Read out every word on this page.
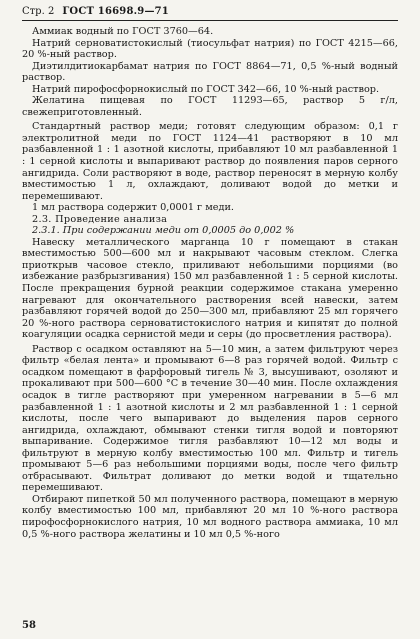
Стр. 2 ГОСТ 16698.9—71

Аммиак водный по ГОСТ 3760—64.

Натрий серноватистокислый (тиосульфат натрия) по ГОСТ 4215—66, 20 %-ный раствор.

Диэтилдитиокарбамат натрия по ГОСТ 8864—71, 0,5 %-ный водный раствор.

Натрий пирофосфорнокислый по ГОСТ 342—66, 10 %-ный раствор.

Желатина пищевая по ГОСТ 11293—65, раствор 5 г/л, свежеприготовленный.

Стандартный раствор меди; готовят следующим образом: 0,1 г электролитной меди по ГОСТ 1124—41 растворяют в 10 мл разбавленной 1 : 1 азотной кислоты, прибавляют 10 мл разбавленной 1 : 1 серной кислоты и выпаривают раствор до появления паров серного ангидрида. Соли растворяют в воде, раствор переносят в мерную колбу вместимостью 1 л, охлаждают, доливают водой до метки и перемешивают.

1 мл раствора содержит 0,0001 г меди.

2.3. Проведение анализа

2.3.1. При содержании меди от 0,0005 до 0,002 %

Навеску металлического марганца 10 г помещают в стакан вместимостью 500—600 мл и накрывают часовым стеклом. Слегка приоткрыв часовое стекло, приливают небольшими порциями (во избежание разбрызгивания) 150 мл разбавленной 1 : 5 серной кислоты. После прекращения бурной реакции содержимое стакана умеренно нагревают для окончательного растворения всей навески, затем разбавляют горячей водой до 250—300 мл, прибавляют 25 мл горячего 20 %-ного раствора серноватистокислого натрия и кипятят до полной коагуляции осадка сернистой меди и серы (до просветления раствора).

Раствор с осадком оставляют на 5—10 мин, а затем фильтруют через фильтр «белая лента» и промывают 6—8 раз горячей водой. Фильтр с осадком помещают в фарфоровый тигель № 3, высушивают, озоляют и прокаливают при 500—600 °С в течение 30—40 мин. После охлаждения осадок в тигле растворяют при умеренном нагревании в 5—6 мл разбавленной 1 : 1 азотной кислоты и 2 мл разбавленной 1 : 1 серной кислоты, после чего выпаривают до выделения паров серного ангидрида, охлаждают, обмывают стенки тигля водой и повторяют выпаривание. Содержимое тигля разбавляют 10—12 мл воды и фильтруют в мерную колбу вместимостью 100 мл. Фильтр и тигель промывают 5—6 раз небольшими порциями воды, после чего фильтр отбрасывают. Фильтрат доливают до метки водой и тщательно перемешивают.

Отбирают пипеткой 50 мл полученного раствора, помещают в мерную колбу вместимостью 100 мл, прибавляют 20 мл 10 %-ного раствора пирофосфорнокислого натрия, 10 мл водного раствора аммиака, 10 мл 0,5 %-ного раствора желатины и 10 мл 0,5 %-ного

58
